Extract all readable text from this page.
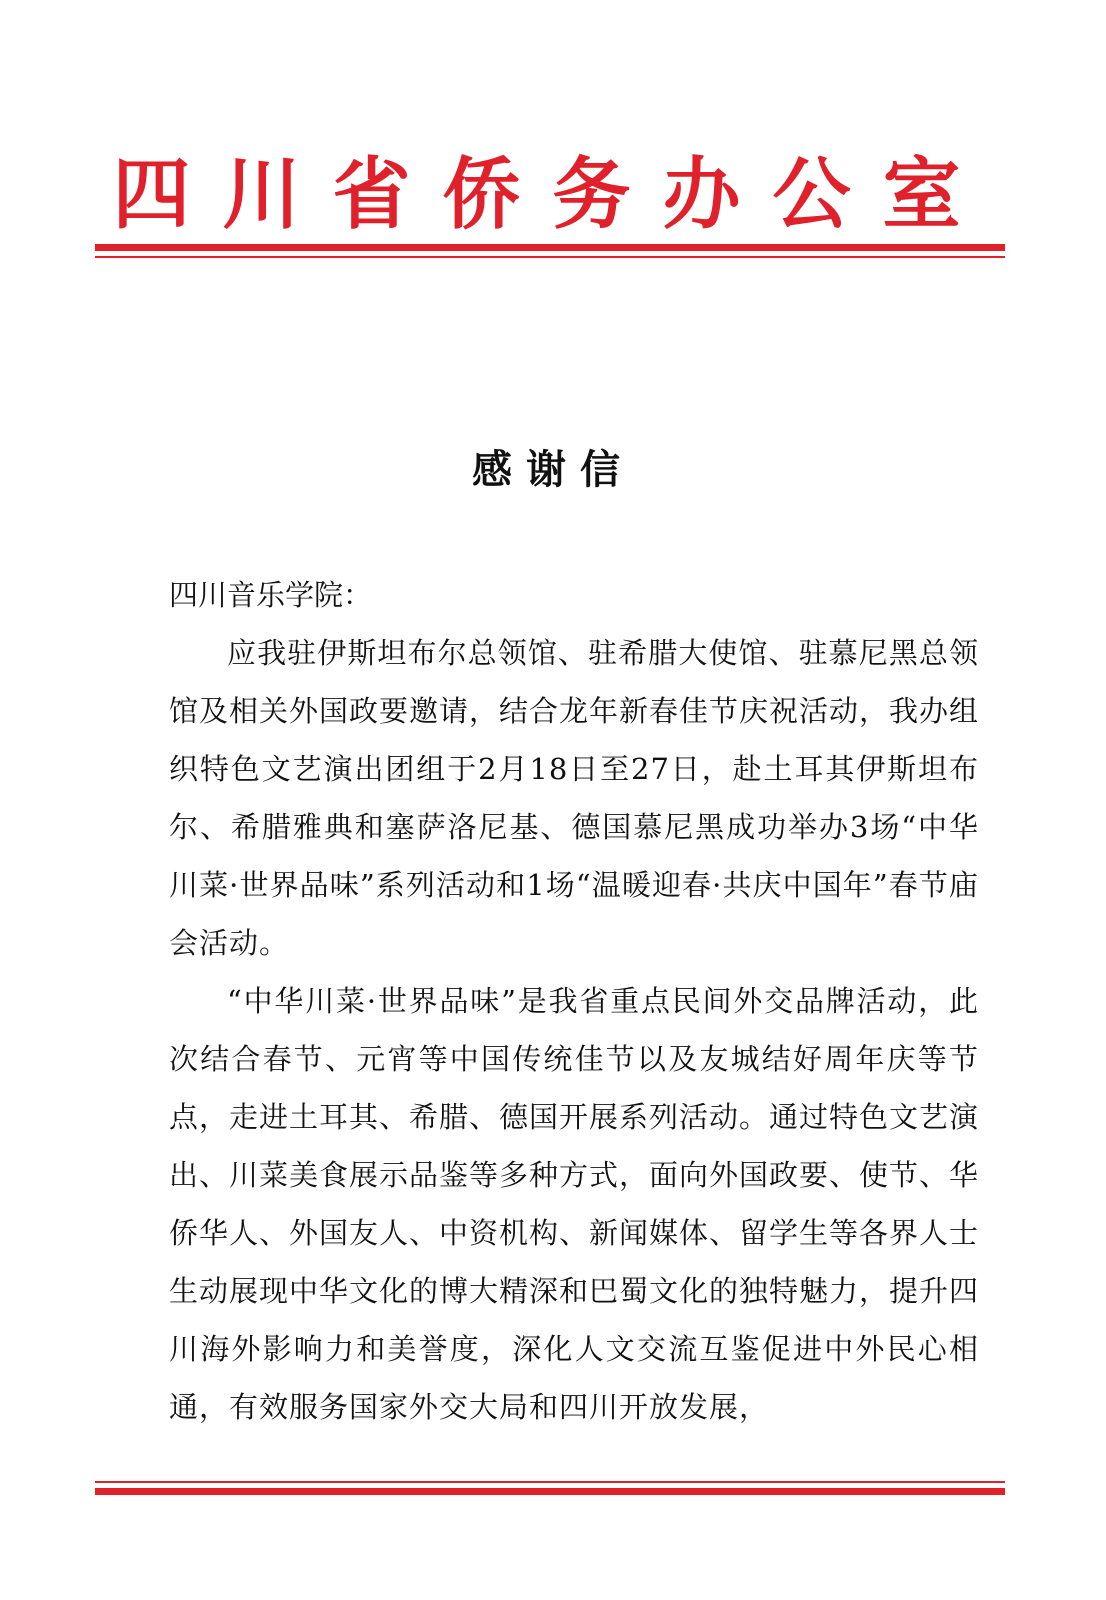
四川省侨务办公室
感谢信
四川音乐学院：

应我驻伊斯坦布尔总领馆、驻希腊大使馆、驻慕尼黑总领馆及相关外国政要邀请，结合龙年新春佳节庆祝活动，我办组织特色文艺演出团组于2月18日至27日，赴土耳其伊斯坦布尔、希腊雅典和塞萨洛尼基、德国慕尼黑成功举办3场“中华川菜·世界品味”系列活动和1场“温暖迎春·共庆中国年”春节庙会活动。

“中华川菜·世界品味”是我省重点民间外交品牌活动，此次结合春节、元宵等中国传统佳节以及友城结好周年庆等节点，走进土耳其、希腊、德国开展系列活动。通过特色文艺演出、川菜美食展示品鉴等多种方式，面向外国政要、使节、华侨华人、外国友人、中资机构、新闻媒体、留学生等各界人士生动展现中华文化的博大精深和巴蜀文化的独特魅力，提升四川海外影响力和美誉度，深化人文交流互鉴促进中外民心相通，有效服务国家外交大局和四川开放发展，
